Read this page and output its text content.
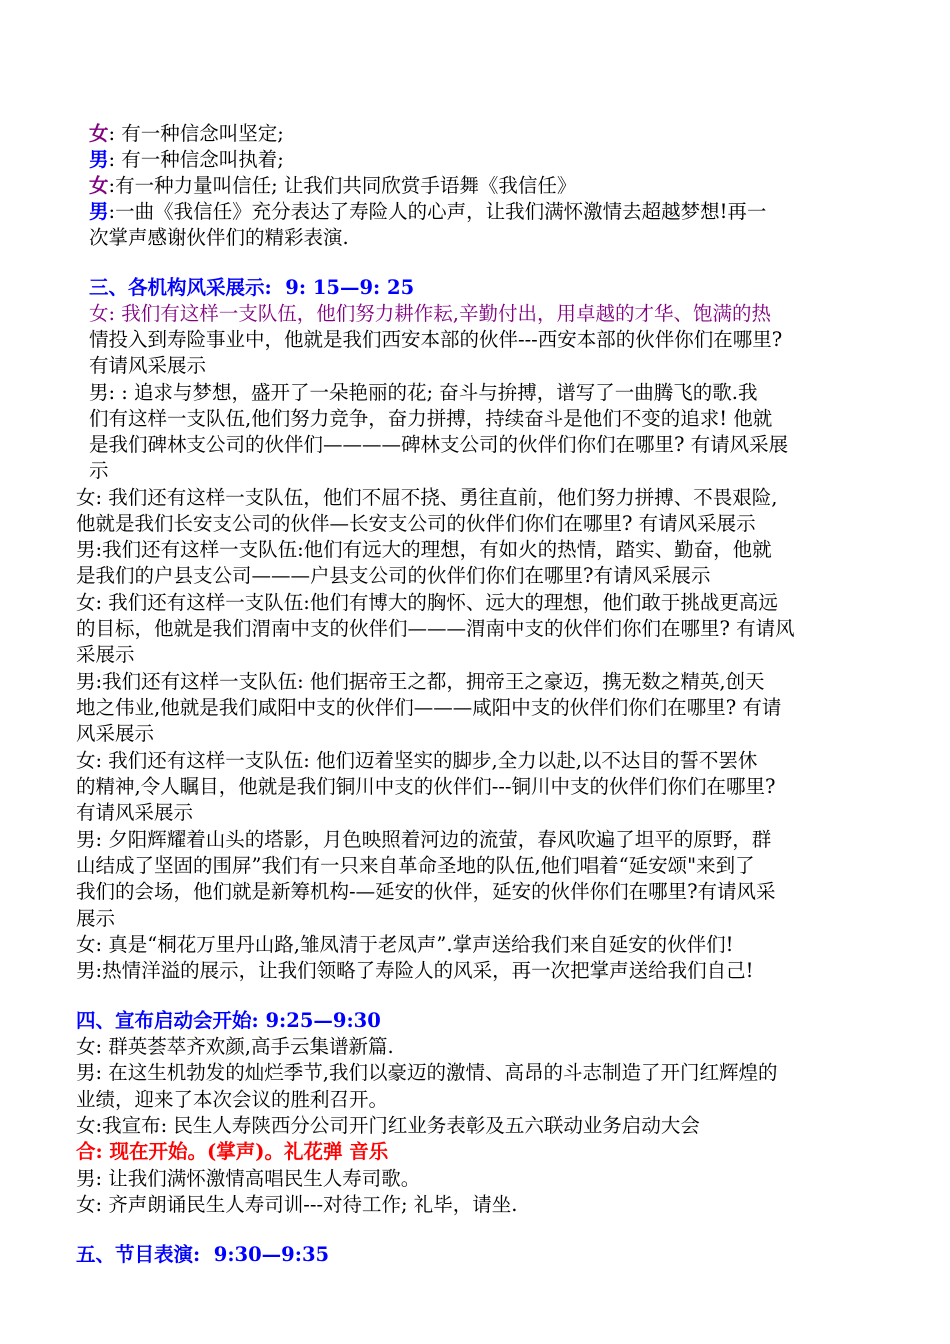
女: 有一种信念叫坚定;

男: 有一种信念叫执着;

女:有一种力量叫信任; 让我们共同欣赏手语舞《我信任》

男:一曲《我信任》充分表达了寿险人的心声，让我们满怀激情去超越梦想!再一

次掌声感谢伙伴们的精彩表演.

三、各机构风采展示:  9: 15—9: 25

女: 我们有这样一支队伍，他们努力耕作耘,辛勤付出，用卓越的才华、饱满的热

情投入到寿险事业中，他就是我们西安本部的伙伴---西安本部的伙伴你们在哪里?

有请风采展示

男: : 追求与梦想，盛开了一朵艳丽的花; 奋斗与拚搏，谱写了一曲腾飞的歌.我

们有这样一支队伍,他们努力竞争，奋力拼搏，持续奋斗是他们不变的追求! 他就

是我们碑林支公司的伙伴们————碑林支公司的伙伴们你们在哪里? 有请风采展

示

女: 我们还有这样一支队伍，他们不屈不挠、勇往直前，他们努力拼搏、不畏艰险,

他就是我们长安支公司的伙伴—长安支公司的伙伴们你们在哪里? 有请风采展示

男:我们还有这样一支队伍:他们有远大的理想，有如火的热情，踏实、勤奋，他就

是我们的户县支公司———户县支公司的伙伴们你们在哪里?有请风采展示

女: 我们还有这样一支队伍:他们有博大的胸怀、远大的理想，他们敢于挑战更高远

的目标，他就是我们渭南中支的伙伴们———渭南中支的伙伴们你们在哪里? 有请风

采展示

男:我们还有这样一支队伍: 他们据帝王之都，拥帝王之豪迈，携无数之精英,创天

地之伟业,他就是我们咸阳中支的伙伴们———咸阳中支的伙伴们你们在哪里? 有请

风采展示

女: 我们还有这样一支队伍: 他们迈着坚实的脚步,全力以赴,以不达目的誓不罢休

的精神,令人瞩目，他就是我们铜川中支的伙伴们---铜川中支的伙伴们你们在哪里?

有请风采展示

男: 夕阳辉耀着山头的塔影，月色映照着河边的流萤，春风吹遍了坦平的原野，群

山结成了坚固的围屏”我们有一只来自革命圣地的队伍,他们唱着“延安颂"来到了

我们的会场，他们就是新筹机构-—延安的伙伴，延安的伙伴你们在哪里?有请风采

展示

女: 真是“桐花万里丹山路,雏凤清于老凤声”.掌声送给我们来自延安的伙伴们!

男:热情洋溢的展示，让我们领略了寿险人的风采，再一次把掌声送给我们自己!

四、宣布启动会开始: 9:25—9:30

女: 群英荟萃齐欢颜,高手云集谱新篇.

男: 在这生机勃发的灿烂季节,我们以豪迈的激情、高昂的斗志制造了开门红辉煌的

业绩，迎来了本次会议的胜利召开。

女:我宣布: 民生人寿陕西分公司开门红业务表彰及五六联动业务启动大会

合: 现在开始。(掌声)。礼花弹 音乐

男: 让我们满怀激情高唱民生人寿司歌。

女: 齐声朗诵民生人寿司训---对待工作; 礼毕，请坐.

五、节目表演:  9:30—9:35
